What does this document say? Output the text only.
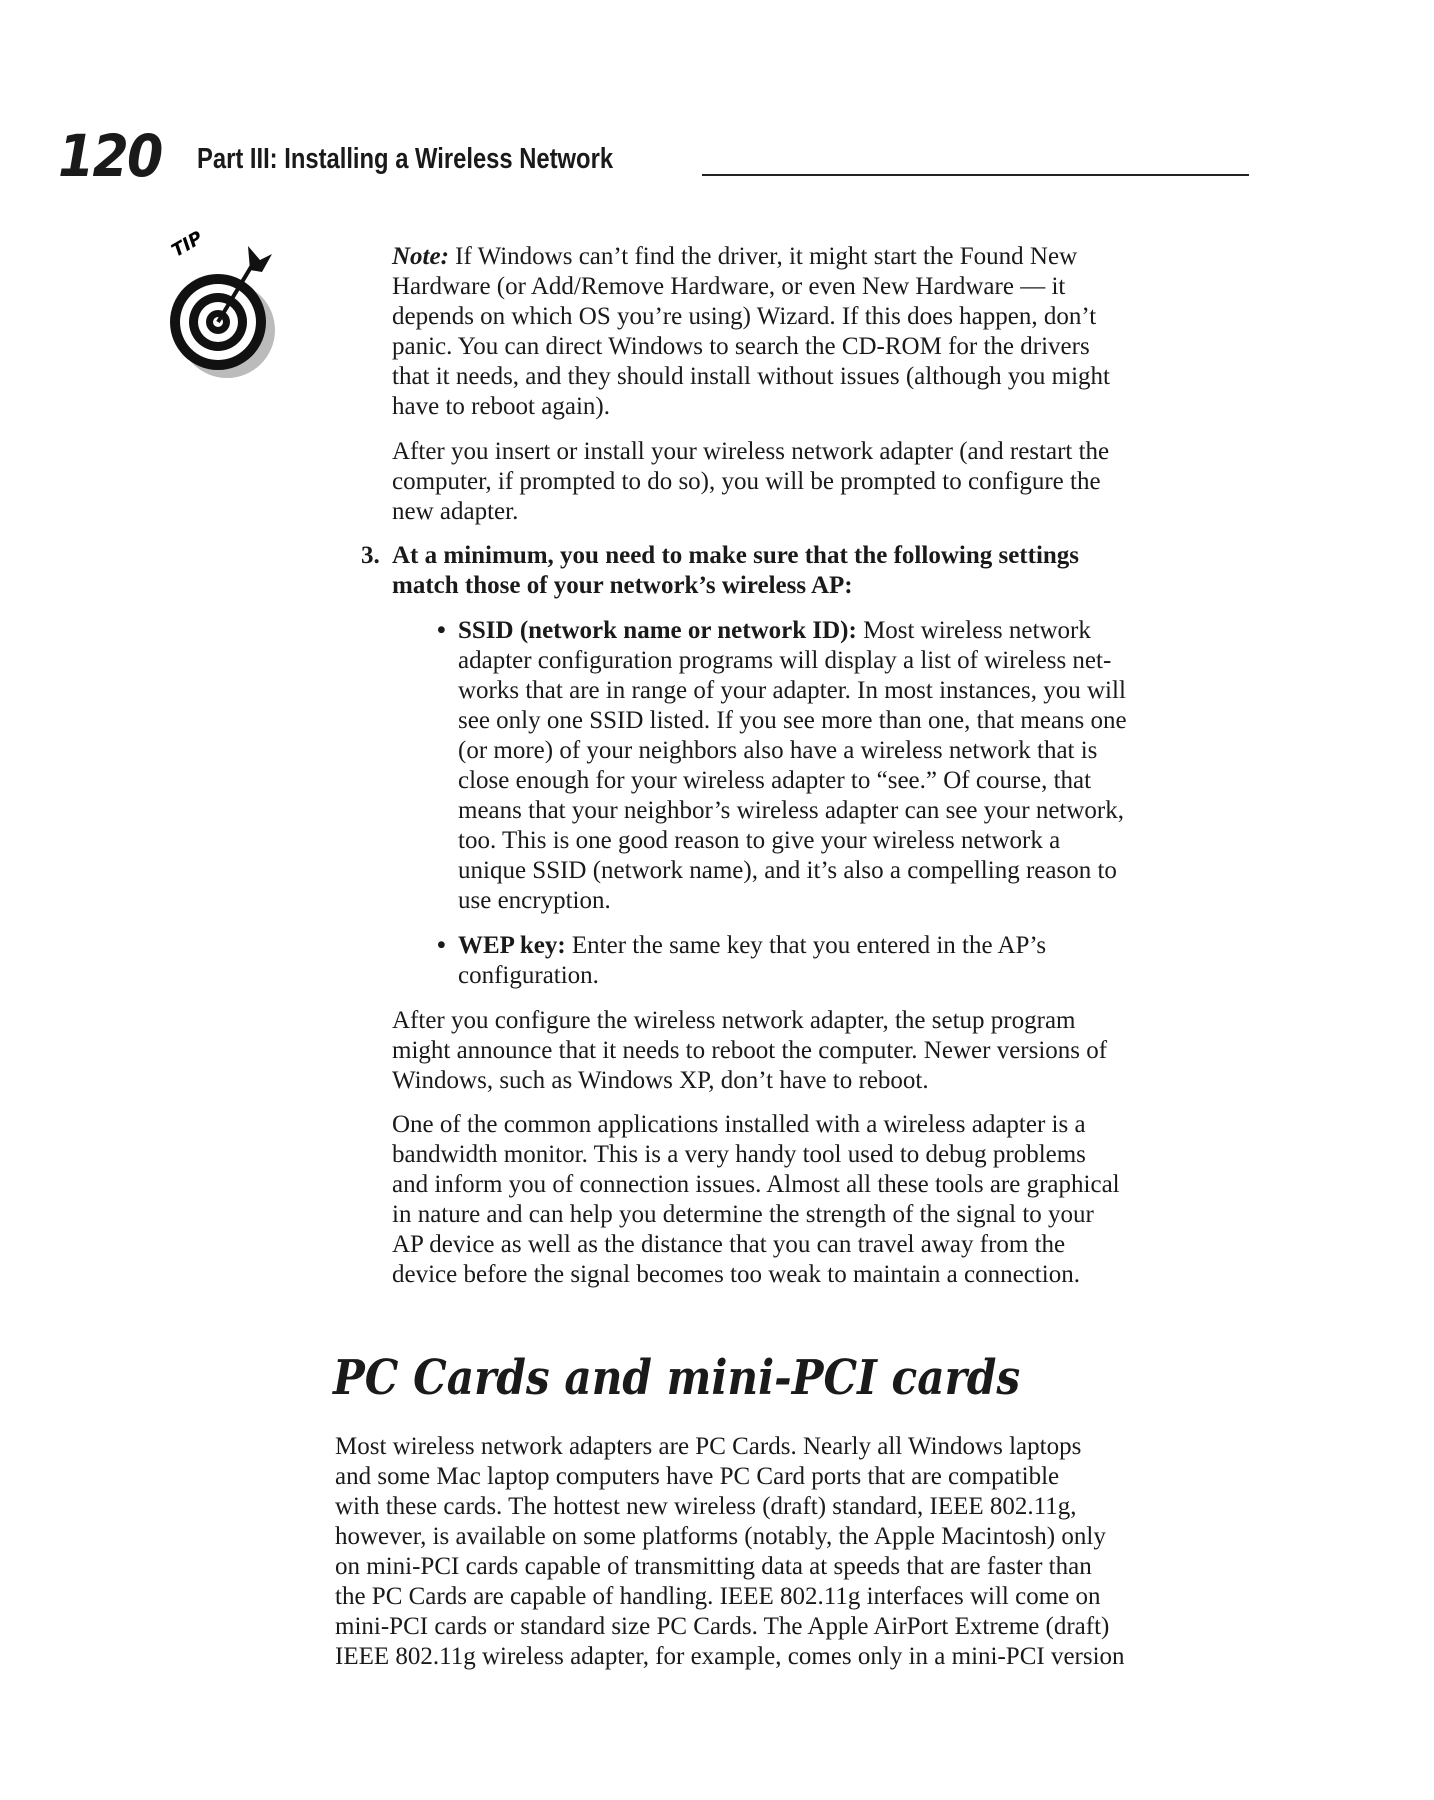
120 Part III: Installing a Wireless Network
TIP	Note: If Windows can’t find the driver, it might start the Found New
Hardware (or Add/Remove Hardware, or even New Hardware — it
depends on which OS you’re using) Wizard. If this does happen, don’t
panic. You can direct Windows to search the CD-ROM for the drivers
that it needs, and they should install without issues (although you might
have to reboot again).
After you insert or install your wireless network adapter (and restart the
computer, if prompted to do so), you will be prompted to configure the
new adapter.
3. At a minimum, you need to make sure that the following settings
match those of your network’s wireless AP:
• SSID (network name or network ID): Most wireless network
adapter configuration programs will display a list of wireless net-
works that are in range of your adapter. In most instances, you will
see only one SSID listed. If you see more than one, that means one
(or more) of your neighbors also have a wireless network that is
close enough for your wireless adapter to “see.” Of course, that
means that your neighbor’s wireless adapter can see your network,
too. This is one good reason to give your wireless network a
unique SSID (network name), and it’s also a compelling reason to
use encryption.
• WEP key: Enter the same key that you entered in the AP’s
configuration.
After you configure the wireless network adapter, the setup program
might announce that it needs to reboot the computer. Newer versions of
Windows, such as Windows XP, don’t have to reboot.
One of the common applications installed with a wireless adapter is a
bandwidth monitor. This is a very handy tool used to debug problems
and inform you of connection issues. Almost all these tools are graphical
in nature and can help you determine the strength of the signal to your
AP device as well as the distance that you can travel away from the
device before the signal becomes too weak to maintain a connection.
Most wireless network adapters are PC Cards. Nearly all Windows laptops
and some Mac laptop computers have PC Card ports that are compatible
with these cards. The hottest new wireless (draft) standard, IEEE 802.11g,
however, is available on some platforms (notably, the Apple Macintosh) only
on mini-PCI cards capable of transmitting data at speeds that are faster than
the PC Cards are capable of handling. IEEE 802.11g interfaces will come on
mini-PCI cards or standard size PC Cards. The Apple AirPort Extreme (draft)
IEEE 802.11g wireless adapter, for example, comes only in a mini-PCI version
PC Cards and mini-PCI cards
